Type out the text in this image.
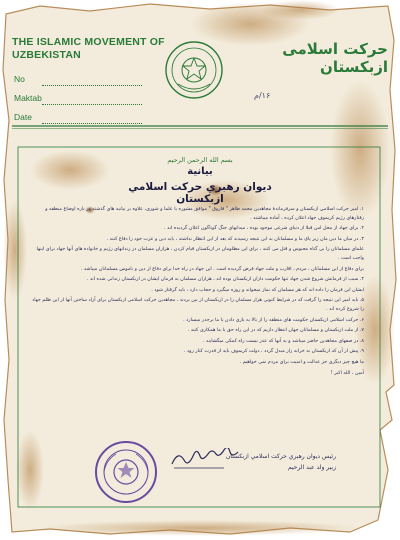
THE ISLAMIC MOVEMENT OF UZBEKISTAN	حرکت اسلامی ازبکستان
No
Maktab
Date
۱۶/م
بسم الله الرحمن الرحیم
بيانية
ديوان رهبري حركت اسلامي ازبكستان

۱. امير حركت اسلامي ازبكستان و سرفرماندۀ مجاهدين محمد طاهر " فاروق " موافق مشوره با علما و شورى، علاوه بر بيانيه هاى گذشته در باره اوضاع منطقه و رفتارهاى رژيم كريموف جهاد اعلان كرده ، آماده ميباشند .

۲. براى جهاد از محل امن قبلا از دنياى شرعى موجود بوده ، ميدانهای جنگ گوناگون اعلان گرديده اند .

۳. در ميان ما دين مان زير پاي ما و مسلمانان به اين نتيجه رسيدند كه بعد از اين انتظار نداشته ، بايد دين و عزت خود را دفاع كنند .

علماى مسلمانان را بى گناه محبوس و قتل مى كنند ، براى اين مظلومان در ازبكستان قيام كردن ، هزاران مسلمان در زندانهای رژيم و خانواده هاى آنها جهاد براى اينها واجب است .

براى دفاع از اين مسلمانان ، مردم ، اقارب و ملت جهاد فرض گرديده است . اين جهاد در راه خدا براى دفاع از دين و ناموس مسلمانان ميباشد .

۴. سبب از فرمانش شروع شدن جهاد تنها حكومت داران ازبكستان بوده اند ، هزاران مسلمان به فرمان ايشان در ازبكستان زندانى شده اند .

ايشان اين فرمان را داده اند كه هر مسلمان كه نماز ميخواند و روزه ميگيرد و حجاب دارد ، بايد گرفتار شود .

۵. بايد امير اين نتيجه را گرفت كه در شرايط كنونى هزار مسلمان را در ازبكستان از بين بردند ، مجاهدين حركت اسلامى ازبكستان براى آزاد ساختن آنها از اين ظلم جهاد را شروع كرده اند .

۶. حركت اسلامى ازبكستان حكومت هاى منطقه را از بالا به بازى دادن با ما برحذر ميسازد .

۷. از ملت ازبكستان و مسلمانان جهان انتظار داريم كه در اين راه حق با ما همكارى كنند .

۸. در صفهاى مجاهدين حاضر ميباشد و به آنها كه عذر نيست راه كمكى ميگشايند .

۹. پيش از آن كه ازبكستان به خرابه زار مبدل گردد ، دولت كريموف بايد از قدرت كنار رود .

ما هيچ چيز ديگرى جز عدالت و امنيت براى مردم نمى خواهيم .

آمين ، الله اكبر !

رئيس ديوان رهبري حركت اسلامي ازبكستان
زبير ولد عبد الرحيم
